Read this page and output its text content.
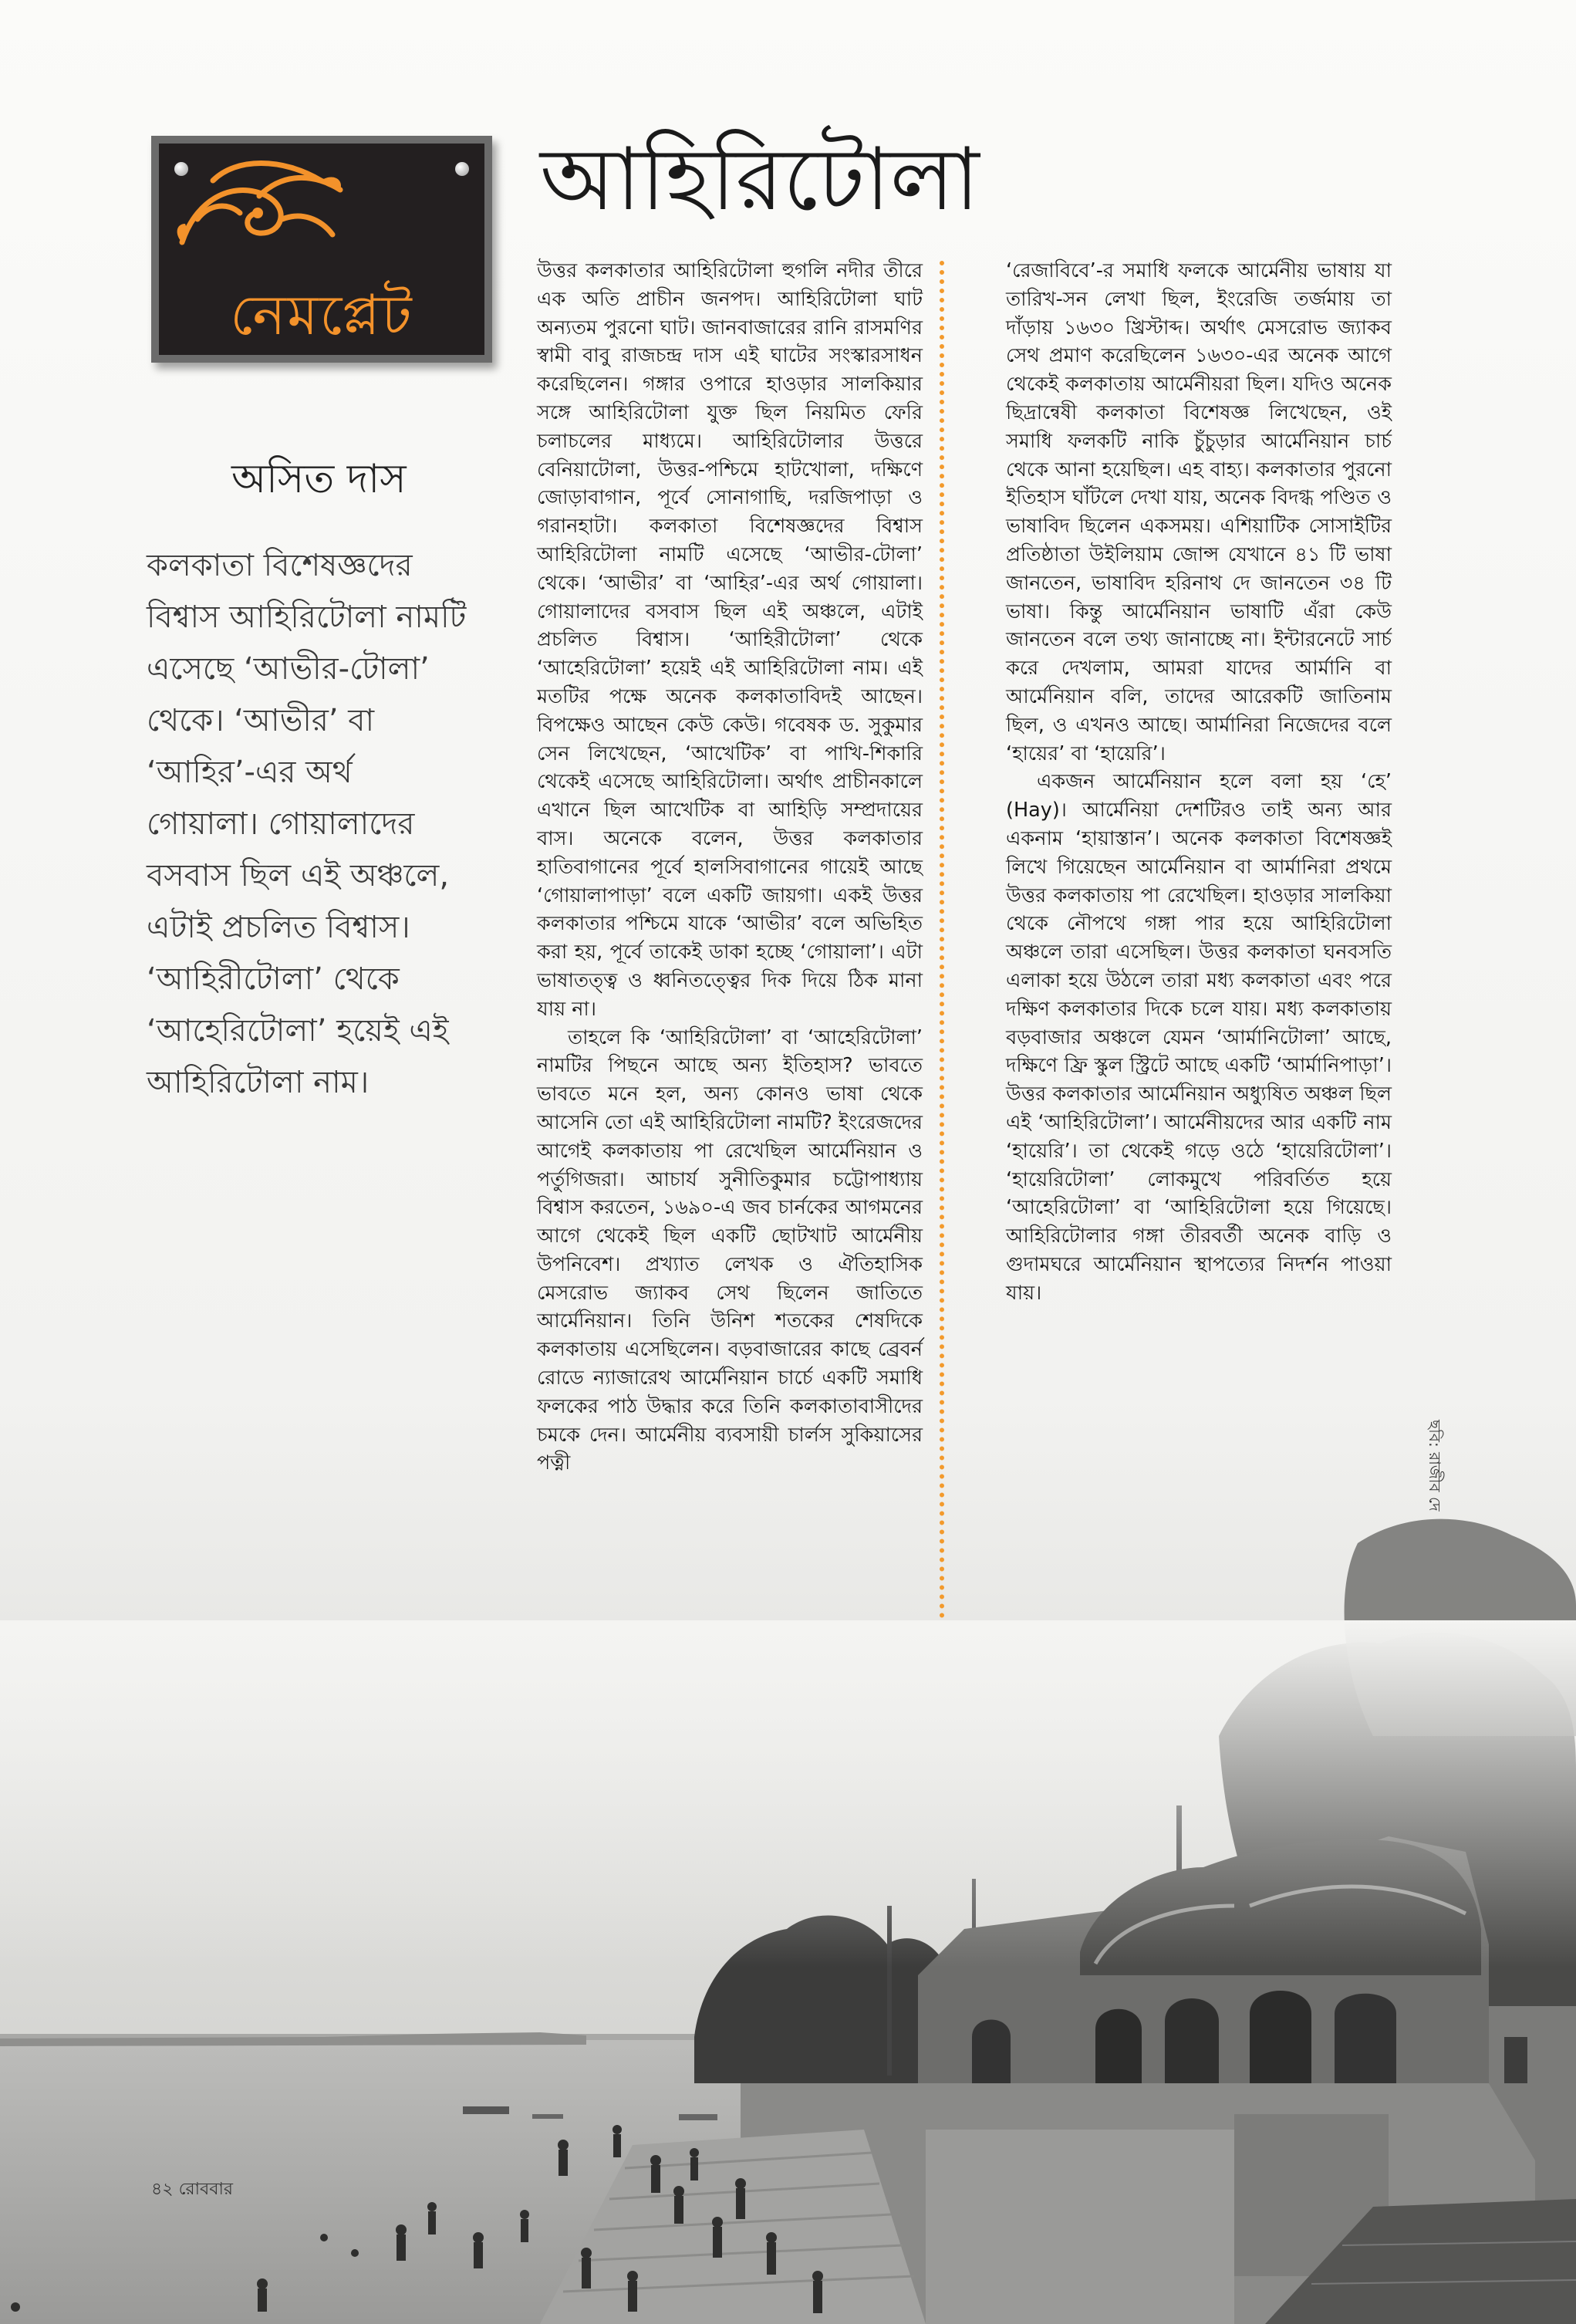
নেমপ্লেট
আহিরিটোলা
অসিত দাস

কলকাতা বিশেষজ্ঞদের

বিশ্বাস আহিরিটোলা নামটি

এসেছে ‘আভীর-টোলা’

থেকে। ‘আভীর’ বা

‘আহির’-এর অর্থ

গোয়ালা। গোয়ালাদের

বসবাস ছিল এই অঞ্চলে,

এটাই প্রচলিত বিশ্বাস।

‘আহিরীটোলা’ থেকে

‘আহেরিটোলা’ হয়েই এই

আহিরিটোলা নাম।

উত্তর কলকাতার আহিরিটোলা হুগলি নদীর তীরে এক অতি প্রাচীন জনপদ। আহিরিটোলা ঘাট অন্যতম পুরনো ঘাট। জানবাজারের রানি রাসমণির স্বামী বাবু রাজচন্দ্র দাস এই ঘাটের সংস্কারসাধন করেছিলেন। গঙ্গার ওপারে হাওড়ার সালকিয়ার সঙ্গে আহিরিটোলা যুক্ত ছিল নিয়মিত ফেরি চলাচলের মাধ্যমে। আহিরিটোলার উত্তরে বেনিয়াটোলা, উত্তর-পশ্চিমে হাটখোলা, দক্ষিণে জোড়াবাগান, পূর্বে সোনাগাছি, দরজিপাড়া ও গরানহাটা। কলকাতা বিশেষজ্ঞদের বিশ্বাস আহিরিটোলা নামটি এসেছে ‘আভীর-টোলা’ থেকে। ‘আভীর’ বা ‘আহির’-এর অর্থ গোয়ালা। গোয়ালাদের বসবাস ছিল এই অঞ্চলে, এটাই প্রচলিত বিশ্বাস। ‘আহিরীটোলা’ থেকে ‘আহেরিটোলা’ হয়েই এই আহিরিটোলা নাম। এই মতটির পক্ষে অনেক কলকাতাবিদই আছেন। বিপক্ষেও আছেন কেউ কেউ। গবেষক ড. সুকুমার সেন লিখেছেন, ‘আখেটিক’ বা পাখি-শিকারি থেকেই এসেছে আহিরিটোলা। অর্থাৎ প্রাচীনকালে এখানে ছিল আখেটিক বা আহিড়ি সম্প্রদায়ের বাস। অনেকে বলেন, উত্তর কলকাতার হাতিবাগানের পূর্বে হালসিবাগানের গায়েই আছে ‘গোয়ালাপাড়া’ বলে একটি জায়গা। একই উত্তর কলকাতার পশ্চিমে যাকে ‘আভীর’ বলে অভিহিত করা হয়, পূর্বে তাকেই ডাকা হচ্ছে ‘গোয়ালা’। এটা ভাষাতত্ত্ব ও ধ্বনিতত্ত্বের দিক দিয়ে ঠিক মানা যায় না।

তাহলে কি ‘আহিরিটোলা’ বা ‘আহেরিটোলা’ নামটির পিছনে আছে অন্য ইতিহাস? ভাবতে ভাবতে মনে হল, অন্য কোনও ভাষা থেকে আসেনি তো এই আহিরিটোলা নামটি? ইংরেজদের আগেই কলকাতায় পা রেখেছিল আর্মেনিয়ান ও পর্তুগিজরা। আচার্য সুনীতিকুমার চট্টোপাধ্যায় বিশ্বাস করতেন, ১৬৯০-এ জব চার্নকের আগমনের আগে থেকেই ছিল একটি ছোটখাট আর্মেনীয় উপনিবেশ। প্রখ্যাত লেখক ও ঐতিহাসিক মেসরোভ জ্যাকব সেথ ছিলেন জাতিতে আর্মেনিয়ান। তিনি উনিশ শতকের শেষদিকে কলকাতায় এসেছিলেন। বড়বাজারের কাছে ব্রেবর্ন রোডে ন্যাজারেথ আর্মেনিয়ান চার্চে একটি সমাধি ফলকের পাঠ উদ্ধার করে তিনি কলকাতাবাসীদের চমকে দেন। আর্মেনীয় ব্যবসায়ী চার্লস সুকিয়াসের পত্নী

‘রেজাবিবে’-র সমাধি ফলকে আর্মেনীয় ভাষায় যা তারিখ-সন লেখা ছিল, ইংরেজি তর্জমায় তা দাঁড়ায় ১৬৩০ খ্রিস্টাব্দ। অর্থাৎ মেসরোভ জ্যাকব সেথ প্রমাণ করেছিলেন ১৬৩০-এর অনেক আগে থেকেই কলকাতায় আর্মেনীয়রা ছিল। যদিও অনেক ছিদ্রান্বেষী কলকাতা বিশেষজ্ঞ লিখেছেন, ওই সমাধি ফলকটি নাকি চুঁচুড়ার আর্মেনিয়ান চার্চ থেকে আনা হয়েছিল। এহ বাহ্য। কলকাতার পুরনো ইতিহাস ঘাঁটলে দেখা যায়, অনেক বিদগ্ধ পণ্ডিত ও ভাষাবিদ ছিলেন একসময়। এশিয়াটিক সোসাইটির প্রতিষ্ঠাতা উইলিয়াম জোন্স যেখানে ৪১ টি ভাষা জানতেন, ভাষাবিদ হরিনাথ দে জানতেন ৩৪ টি ভাষা। কিন্তু আর্মেনিয়ান ভাষাটি এঁরা কেউ জানতেন বলে তথ্য জানাচ্ছে না। ইন্টারনেটে সার্চ করে দেখলাম, আমরা যাদের আর্মানি বা আর্মেনিয়ান বলি, তাদের আরেকটি জাতিনাম ছিল, ও এখনও আছে। আর্মানিরা নিজেদের বলে ‘হায়ের’ বা ‘হায়েরি’।

একজন আর্মেনিয়ান হলে বলা হয় ‘হে’ (Hay)। আর্মেনিয়া দেশটিরও তাই অন্য আর একনাম ‘হায়াস্তান’। অনেক কলকাতা বিশেষজ্ঞই লিখে গিয়েছেন আর্মেনিয়ান বা আর্মানিরা প্রথমে উত্তর কলকাতায় পা রেখেছিল। হাওড়ার সালকিয়া থেকে নৌপথে গঙ্গা পার হয়ে আহিরিটোলা অঞ্চলে তারা এসেছিল। উত্তর কলকাতা ঘনবসতি এলাকা হয়ে উঠলে তারা মধ্য কলকাতা এবং পরে দক্ষিণ কলকাতার দিকে চলে যায়। মধ্য কলকাতায় বড়বাজার অঞ্চলে যেমন ‘আর্মানিটোলা’ আছে, দক্ষিণে ফ্রি স্কুল স্ট্রিটে আছে একটি ‘আর্মানিপাড়া’। উত্তর কলকাতার আর্মেনিয়ান অধ্যুষিত অঞ্চল ছিল এই ‘আহিরিটোলা’। আর্মেনীয়দের আর একটি নাম ‘হায়েরি’। তা থেকেই গড়ে ওঠে ‘হায়েরিটোলা’। ‘হায়েরিটোলা’ লোকমুখে পরিবর্তিত হয়ে ‘আহেরিটোলা’ বা ‘আহিরিটোলা হয়ে গিয়েছে। আহিরিটোলার গঙ্গা তীরবর্তী অনেক বাড়ি ও গুদামঘরে আর্মেনিয়ান স্থাপত্যের নিদর্শন পাওয়া যায়।

ছবি: রাজীব দে
৪২ রোববার
